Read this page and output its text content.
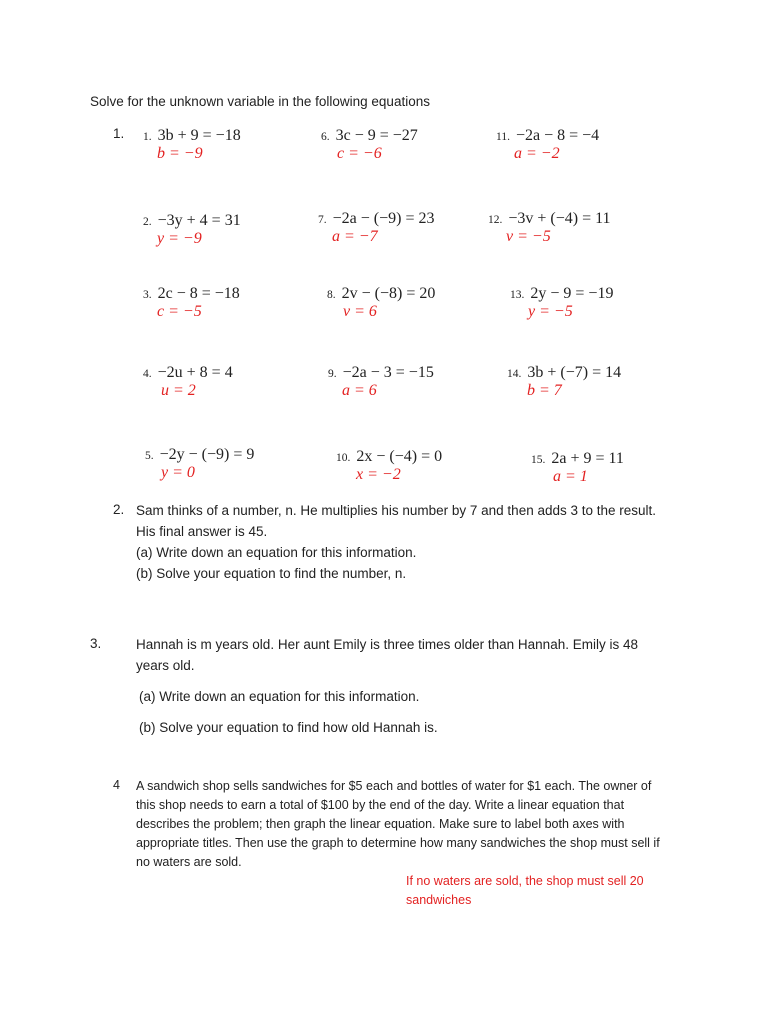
Solve for the unknown variable in the following equations
1. 1. 3b + 9 = −18
b = −9
2. −3y + 4 = 31
y = −9
3. 2c − 8 = −18
c = −5
4. −2u + 8 = 4
u = 2
5. −2y − (−9) = 9
y = 0
6. 3c − 9 = −27
c = −6
7. −2a − (−9) = 23
a = −7
8. 2v − (−8) = 20
v = 6
9. −2a − 3 = −15
a = 6
10. 2x − (−4) = 0
x = −2
11. −2a − 8 = −4
a = −2
12. −3v + (−4) = 11
v = −5
13. 2y − 9 = −19
y = −5
14. 3b + (−7) = 14
b = 7
15. 2a + 9 = 11
a = 1
2. Sam thinks of a number, n. He multiplies his number by 7 and then adds 3 to the result.
His final answer is 45.
(a) Write down an equation for this information.
(b) Solve your equation to find the number, n.
3.	Hannah is m years old. Her aunt Emily is three times older than Hannah. Emily is 48
years old.
(a) Write down an equation for this information.
(b) Solve your equation to find how old Hannah is.
4 A sandwich shop sells sandwiches for $5 each and bottles of water for $1 each. The owner of
this shop needs to earn a total of $100 by the end of the day. Write a linear equation that
describes the problem; then graph the linear equation. Make sure to label both axes with
appropriate titles. Then use the graph to determine how many sandwiches the shop must sell if
no waters are sold.
If no waters are sold, the shop must sell 20
sandwiches
